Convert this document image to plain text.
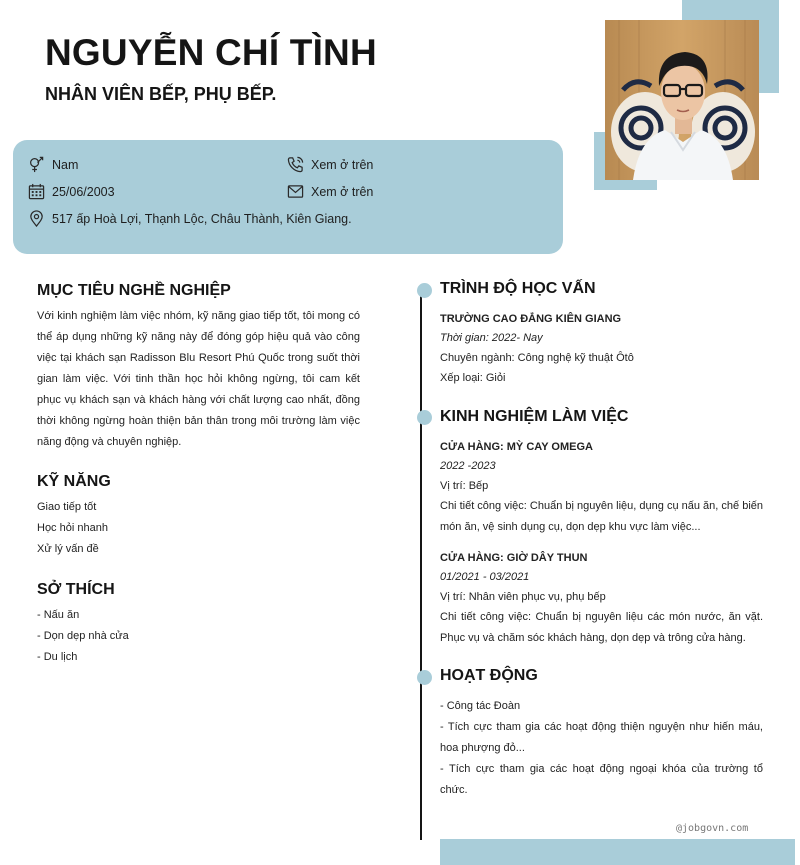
NGUYỄN CHÍ TÌNH
NHÂN VIÊN BẾP, PHỤ BẾP.
Nam
25/06/2003
517 ấp Hoà Lợi, Thạnh Lộc, Châu Thành, Kiên Giang.
Xem ở trên
Xem ở trên
MỤC TIÊU NGHỀ NGHIỆP
Với kinh nghiệm làm việc nhóm, kỹ năng giao tiếp tốt, tôi mong có thể áp dụng những kỹ năng này để đóng góp hiệu quả vào công việc tại khách sạn Radisson Blu Resort Phú Quốc trong suốt thời gian làm việc. Với tinh thần học hỏi không ngừng, tôi cam kết phục vụ khách sạn và khách hàng với chất lượng cao nhất, đồng thời không ngừng hoàn thiện bản thân trong môi trường làm việc năng động và chuyên nghiệp.
KỸ NĂNG
Giao tiếp tốt
Học hỏi nhanh
Xử lý vấn đề
SỞ THÍCH
- Nấu ăn
- Dọn dẹp nhà cửa
- Du lịch
TRÌNH ĐỘ HỌC VẤN
TRƯỜNG CAO ĐẲNG KIÊN GIANG
Thời gian: 2022- Nay
Chuyên ngành: Công nghệ kỹ thuật Ôtô
Xếp loại: Giỏi
KINH NGHIỆM LÀM VIỆC
CỬA HÀNG: MỲ CAY OMEGA
2022 -2023
Vị trí: Bếp
Chi tiết công việc: Chuẩn bị nguyên liệu, dụng cụ nấu ăn, chế biến món ăn, vệ sinh dụng cụ, dọn dẹp khu vực làm việc...
CỬA HÀNG: GIỜ DÂY THUN
01/2021 - 03/2021
Vị trí: Nhân viên phục vụ, phụ bếp
Chi tiết công việc: Chuẩn bị nguyên liệu các món nước, ăn vặt. Phục vụ và chăm sóc khách hàng, dọn dẹp và trông cửa hàng.
HOẠT ĐỘNG
- Công tác Đoàn
- Tích cực tham gia các hoạt động thiện nguyện như hiến máu, hoa phượng đỏ...
- Tích cực tham gia các hoạt động ngoại khóa của trường tổ chức.
@jobgovn.com
